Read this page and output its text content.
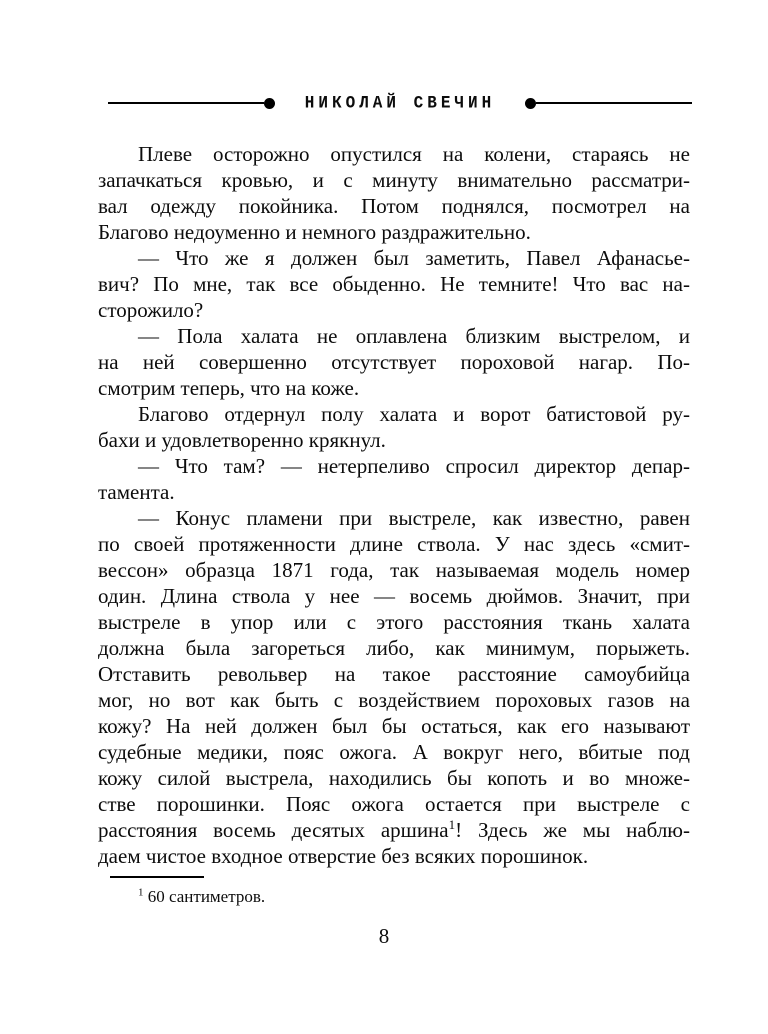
НИКОЛАЙ СВЕЧИН
Плеве осторожно опустился на колени, стараясь не
запачкаться кровью, и с минуту внимательно рассматри-
вал одежду покойника. Потом поднялся, посмотрел на
Благово недоуменно и немного раздражительно.
— Что же я должен был заметить, Павел Афанасье-
вич? По мне, так все обыденно. Не темните! Что вас на-
сторожило?
— Пола халата не оплавлена близким выстрелом, и
на ней совершенно отсутствует пороховой нагар. По-
смотрим теперь, что на коже.
Благово отдернул полу халата и ворот батистовой ру-
бахи и удовлетворенно крякнул.
— Что там? — нетерпеливо спросил директор депар-
тамента.
— Конус пламени при выстреле, как известно, равен
по своей протяженности длине ствола. У нас здесь «смит-
вессон» образца 1871 года, так называемая модель номер
один. Длина ствола у нее — восемь дюймов. Значит, при
выстреле в упор или с этого расстояния ткань халата
должна была загореться либо, как минимум, порыжеть.
Отставить револьвер на такое расстояние самоубийца
мог, но вот как быть с воздействием пороховых газов на
кожу? На ней должен был бы остаться, как его называют
судебные медики, пояс ожога. А вокруг него, вбитые под
кожу силой выстрела, находились бы копоть и во множе-
стве порошинки. Пояс ожога остается при выстреле с
расстояния восемь десятых аршина$^1$! Здесь же мы наблю-
даем чистое входное отверстие без всяких порошинок.
$^1$ 60 сантиметров.
8
